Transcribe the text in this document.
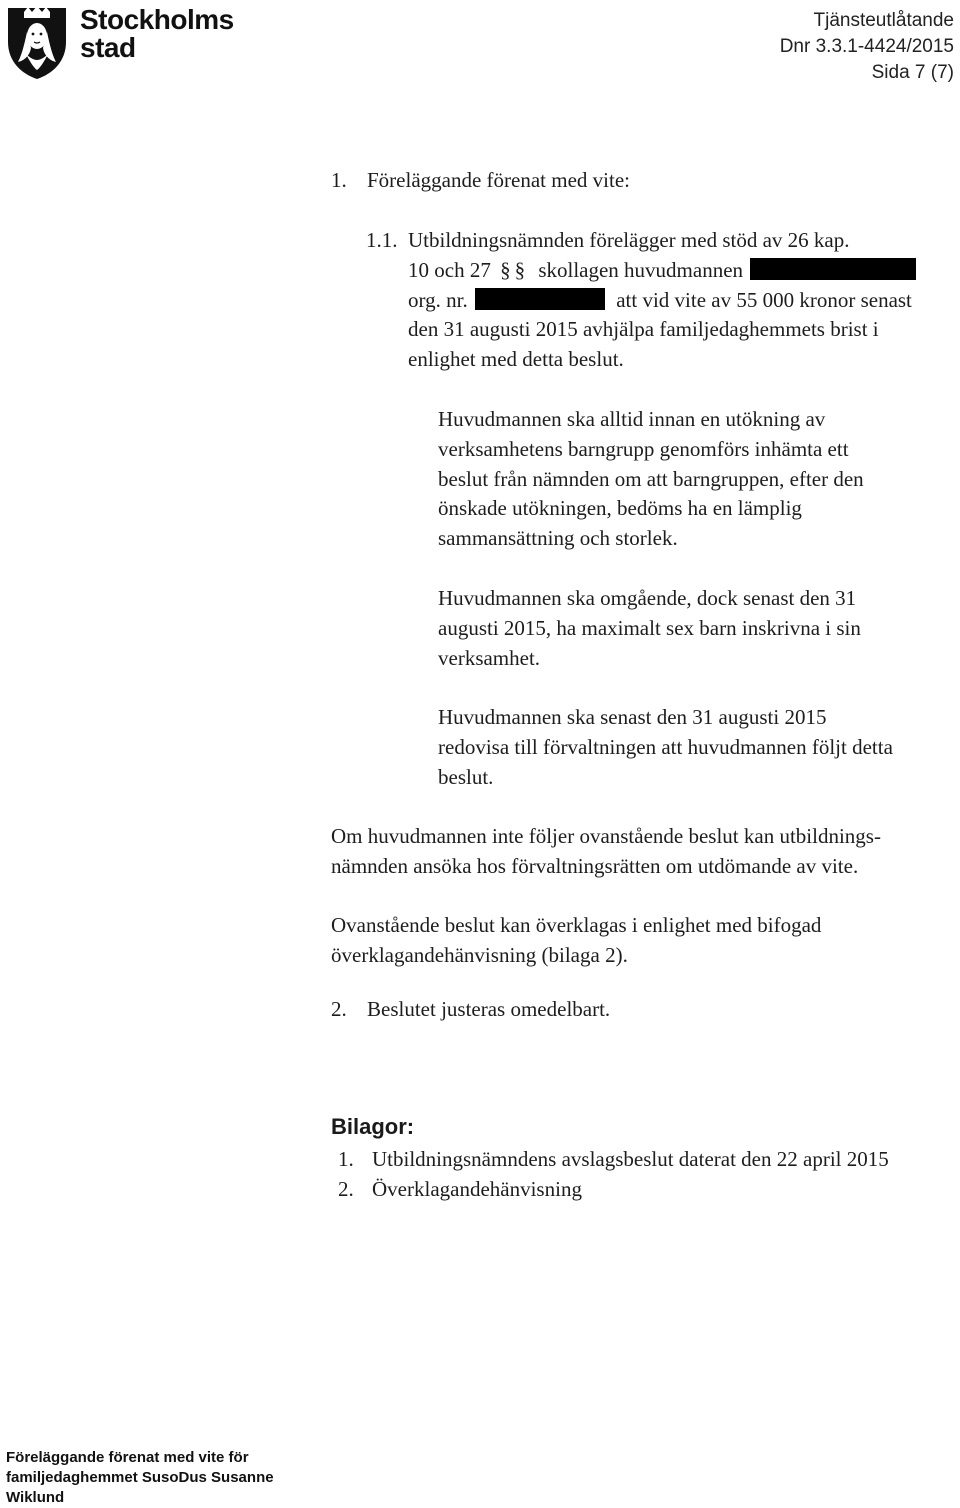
Stockholms
stad
Tjänsteutlåtande
Dnr 3.3.1-4424/2015
Sida 7 (7)
1. Föreläggande förenat med vite:
1.1. Utbildningsnämnden förelägger med stöd av 26 kap.
10 och 27 §§ skollagen huvudmannen
org. nr.	att vid vite av 55 000 kronor senast
den 31 augusti 2015 avhjälpa familjedaghemmets brist i
enlighet med detta beslut.
Huvudmannen ska alltid innan en utökning av
verksamhetens barngrupp genomförs inhämta ett
beslut från nämnden om att barngruppen, efter den
önskade utökningen, bedöms ha en lämplig
sammansättning och storlek.
Huvudmannen ska omgående, dock senast den 31
augusti 2015, ha maximalt sex barn inskrivna i sin
verksamhet.
Huvudmannen ska senast den 31 augusti 2015
redovisa till förvaltningen att huvudmannen följt detta
beslut.
Om huvudmannen inte följer ovanstående beslut kan utbildnings-
nämnden ansöka hos förvaltningsrätten om utdömande av vite.
Ovanstående beslut kan överklagas i enlighet med bifogad
överklagandehänvisning (bilaga 2).
2. Beslutet justeras omedelbart.
Bilagor:
1. Utbildningsnämndens avslagsbeslut daterat den 22 april 2015
2. Överklagandehänvisning
Föreläggande förenat med vite för
familjedaghemmet SusoDus Susanne
Wiklund
